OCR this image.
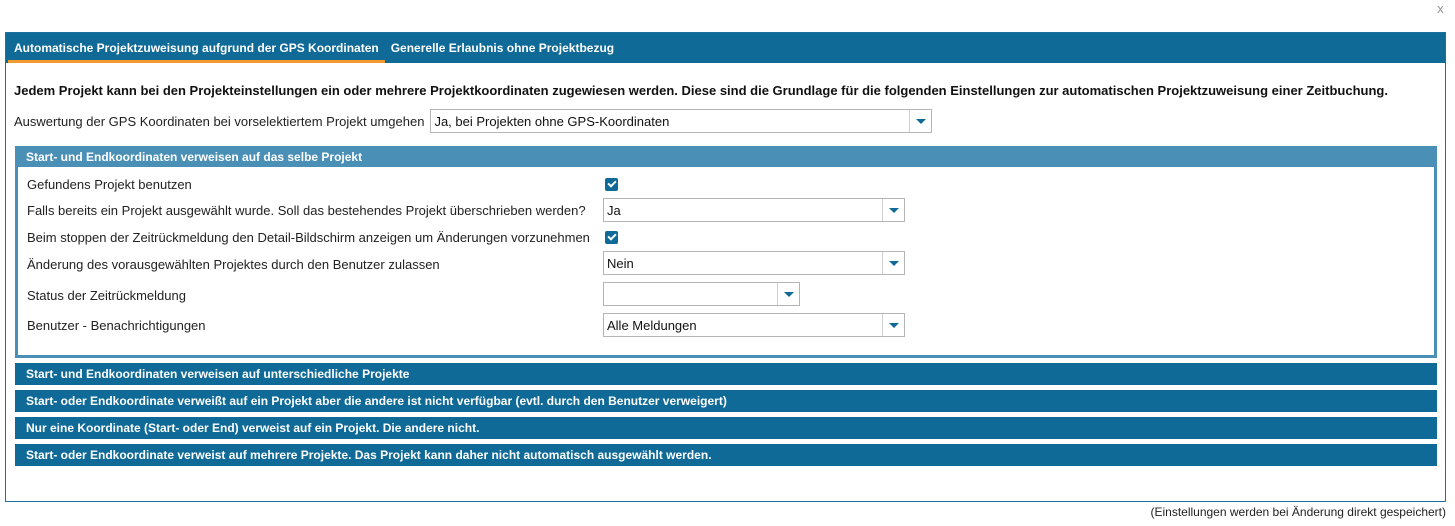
x
Automatische Projektzuweisung aufgrund der GPS Koordinaten	Generelle Erlaubnis ohne Projektbezug
Jedem Projekt kann bei den Projekteinstellungen ein oder mehrere Projektkoordinaten zugewiesen werden. Diese sind die Grundlage für die folgenden Einstellungen zur automatischen Projektzuweisung einer Zeitbuchung.
Auswertung der GPS Koordinaten bei vorselektiertem Projekt umgehen Ja, bei Projekten ohne GPS-Koordinaten
Start- und Endkoordinaten verweisen auf das selbe Projekt
Gefundens Projekt benutzen
Falls bereits ein Projekt ausgewählt wurde. Soll das bestehendes Projekt überschrieben werden? Ja
Beim stoppen der Zeitrückmeldung den Detail-Bildschirm anzeigen um Änderungen vorzunehmen
Änderung des vorausgewählten Projektes durch den Benutzer zulassen	Nein
Status der Zeitrückmeldung
Benutzer - Benachrichtigungen	Alle Meldungen
Start- und Endkoordinaten verweisen auf unterschiedliche Projekte
Start- oder Endkoordinate verweißt auf ein Projekt aber die andere ist nicht verfügbar (evtl. durch den Benutzer verweigert)
Nur eine Koordinate (Start- oder End) verweist auf ein Projekt. Die andere nicht.
Start- oder Endkoordinate verweist auf mehrere Projekte. Das Projekt kann daher nicht automatisch ausgewählt werden.
(Einstellungen werden bei Änderung direkt gespeichert)
